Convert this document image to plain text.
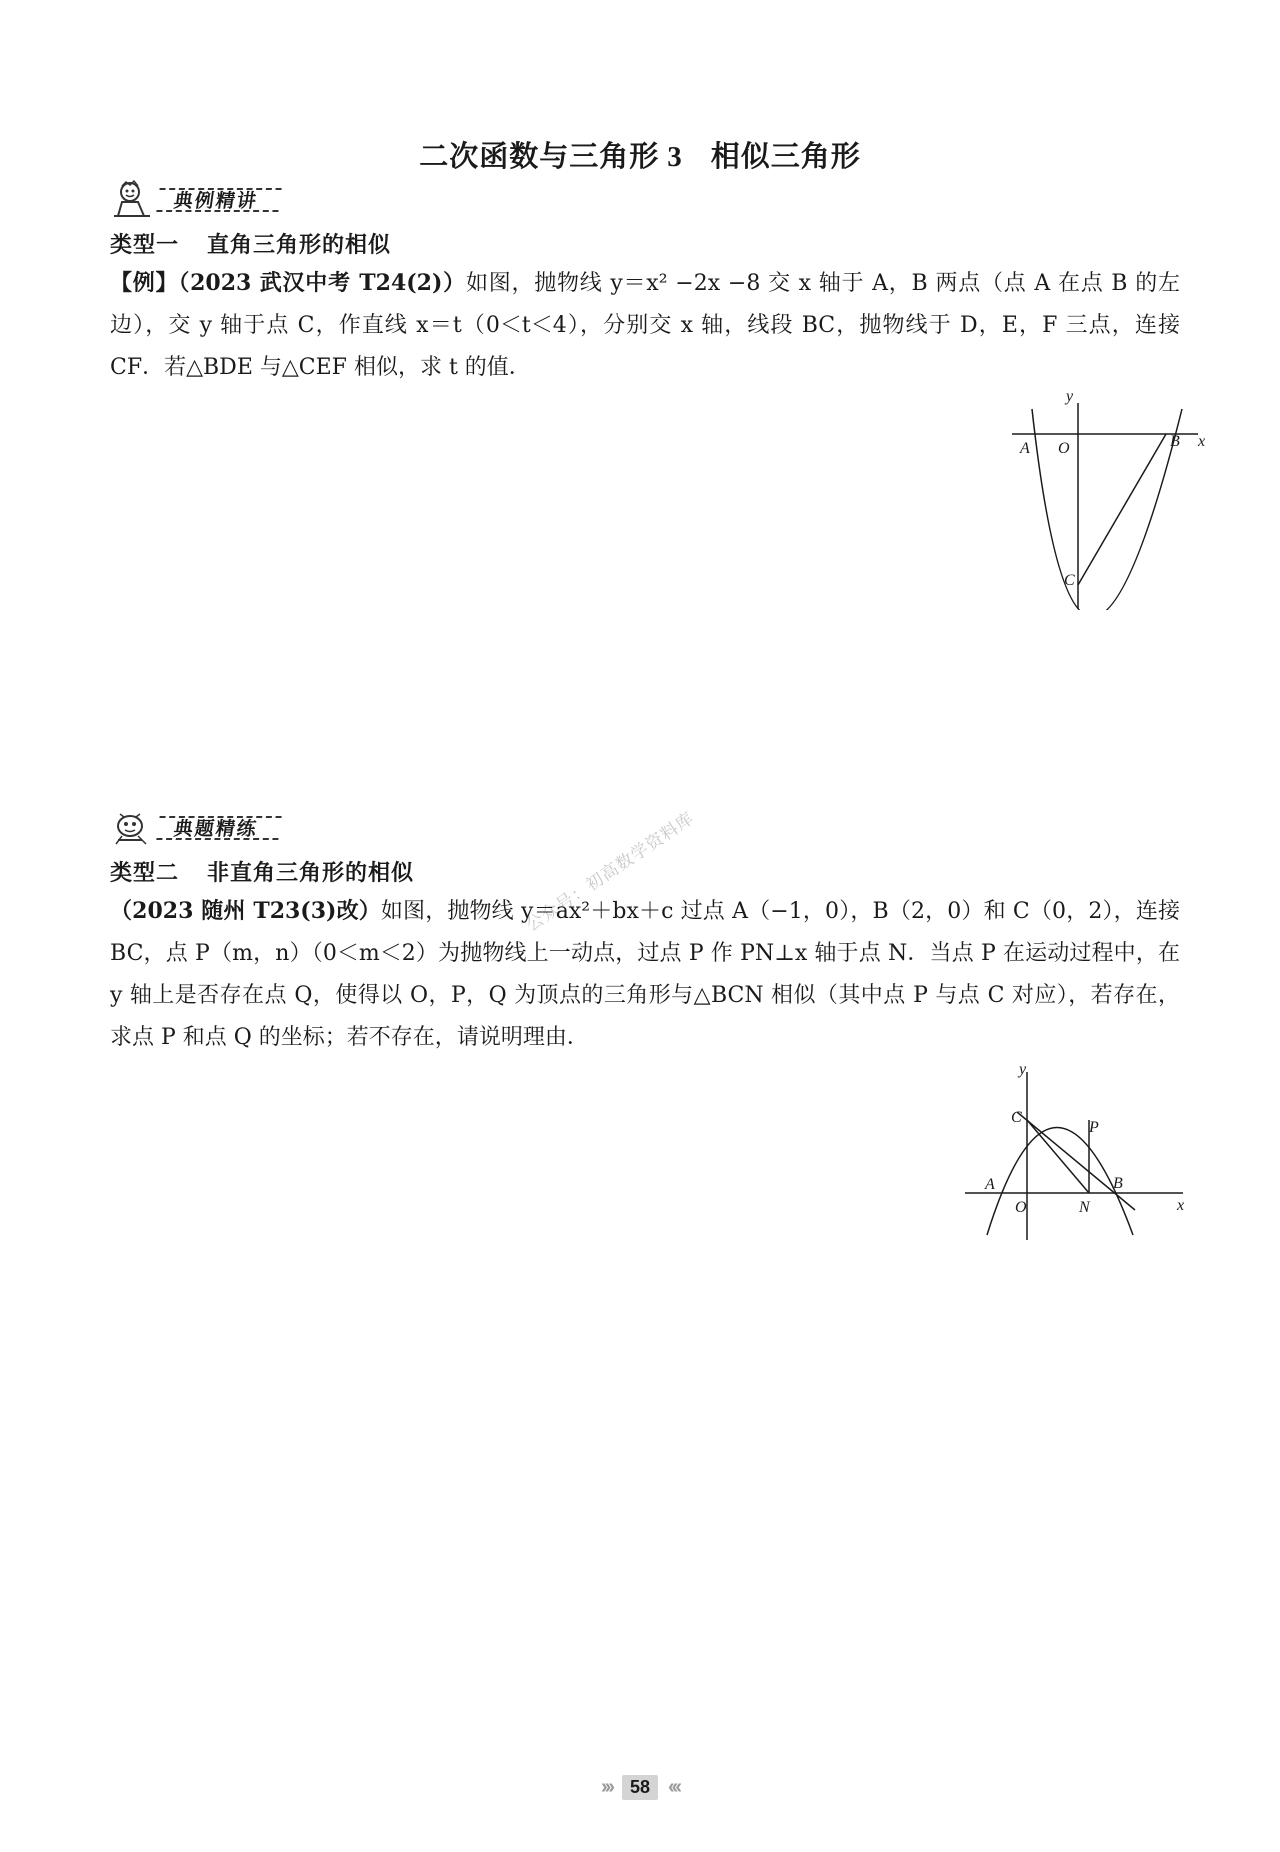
二次函数与三角形 3 相似三角形
典例精讲
类型一 直角三角形的相似
【例】（2023 武汉中考 T24(2)）如图，抛物线 y＝x² −2x −8 交 x 轴于 A，B 两点（点 A 在点 B 的左边），交 y 轴于点 C，作直线 x＝t（0＜t＜4），分别交 x 轴，线段 BC，抛物线于 D，E，F 三点，连接 CF．若△BDE 与△CEF 相似，求 t 的值．
y
x
A O	B
C
公众号：初高数学资料库
典题精练
类型二 非直角三角形的相似
（2023 随州 T23(3)改）如图，抛物线 y＝ax²＋bx＋c 过点 A（−1，0），B（2，0）和 C（0，2），连接 BC，点 P（m，n）（0＜m＜2）为抛物线上一动点，过点 P 作 PN⊥x 轴于点 N．当点 P 在运动过程中，在 y 轴上是否存在点 Q，使得以 O，P，Q 为顶点的三角形与△BCN 相似（其中点 P 与点 C 对应），若存在，求点 P 和点 Q 的坐标；若不存在，请说明理由．
y
x
A
O
B
C
P
N
››› 58 ‹‹‹
